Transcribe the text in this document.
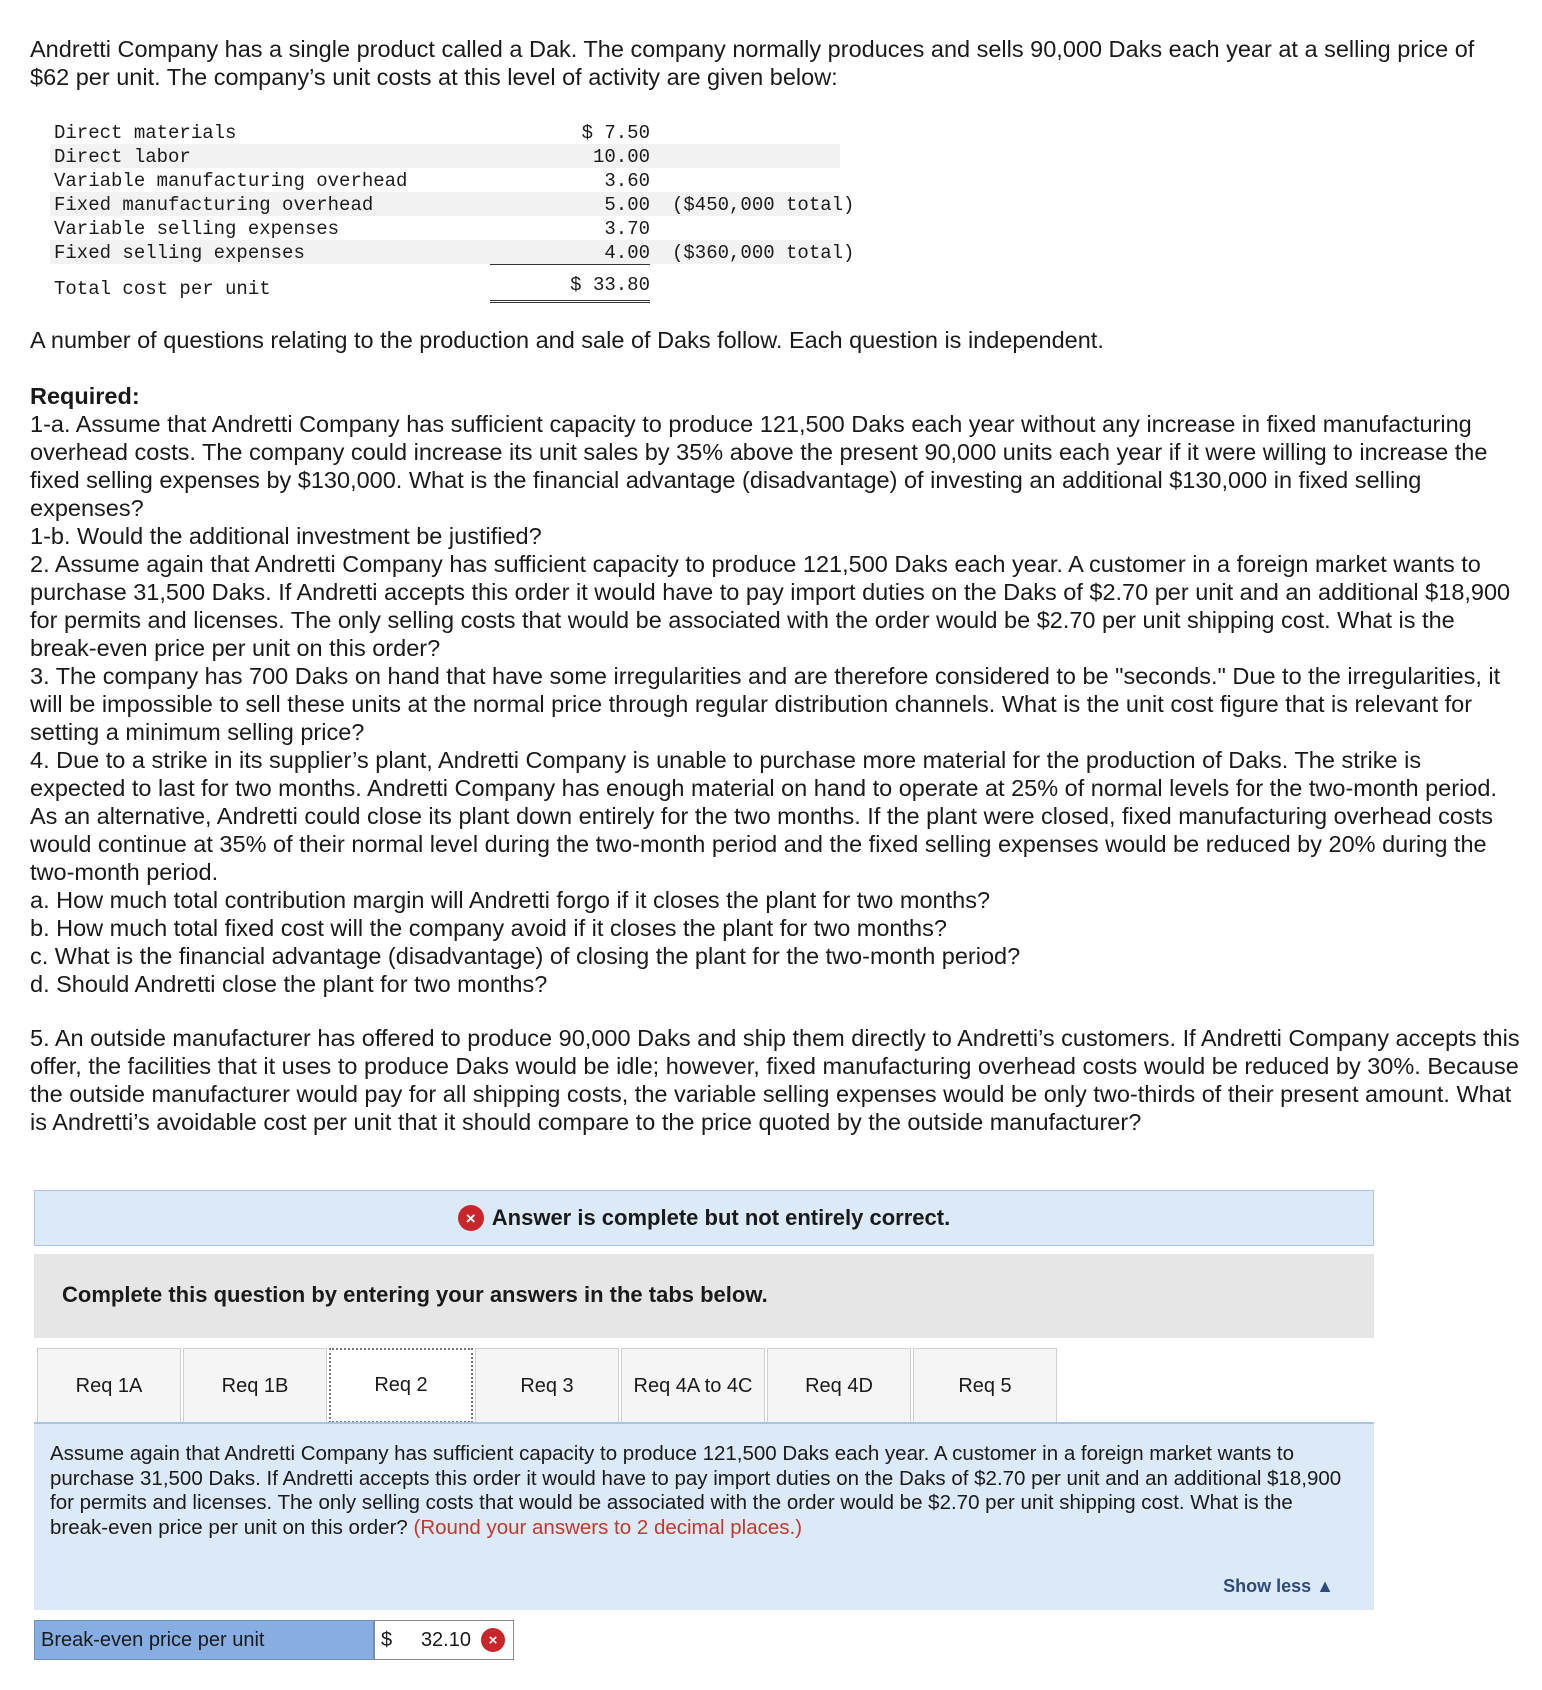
Andretti Company has a single product called a Dak. The company normally produces and sells 90,000 Daks each year at a selling price of $62 per unit. The company’s unit costs at this level of activity are given below:

Direct materials	$ 7.50
Direct labor	10.00
Variable manufacturing overhead	3.60
Fixed manufacturing overhead	5.00 ($450,000 total)
Variable selling expenses	3.70
Fixed selling expenses	4.00 ($360,000 total)
Total cost per unit	$ 33.80

A number of questions relating to the production and sale of Daks follow. Each question is independent.

Required:
1-a. Assume that Andretti Company has sufficient capacity to produce 121,500 Daks each year without any increase in fixed manufacturing overhead costs. The company could increase its unit sales by 35% above the present 90,000 units each year if it were willing to increase the fixed selling expenses by $130,000. What is the financial advantage (disadvantage) of investing an additional $130,000 in fixed selling expenses?
1-b. Would the additional investment be justified?
2. Assume again that Andretti Company has sufficient capacity to produce 121,500 Daks each year. A customer in a foreign market wants to purchase 31,500 Daks. If Andretti accepts this order it would have to pay import duties on the Daks of $2.70 per unit and an additional $18,900 for permits and licenses. The only selling costs that would be associated with the order would be $2.70 per unit shipping cost. What is the break-even price per unit on this order?
3. The company has 700 Daks on hand that have some irregularities and are therefore considered to be "seconds." Due to the irregularities, it will be impossible to sell these units at the normal price through regular distribution channels. What is the unit cost figure that is relevant for setting a minimum selling price?
4. Due to a strike in its supplier’s plant, Andretti Company is unable to purchase more material for the production of Daks. The strike is expected to last for two months. Andretti Company has enough material on hand to operate at 25% of normal levels for the two-month period. As an alternative, Andretti could close its plant down entirely for the two months. If the plant were closed, fixed manufacturing overhead costs would continue at 35% of their normal level during the two-month period and the fixed selling expenses would be reduced by 20% during the two-month period.
a. How much total contribution margin will Andretti forgo if it closes the plant for two months?
b. How much total fixed cost will the company avoid if it closes the plant for two months?
c. What is the financial advantage (disadvantage) of closing the plant for the two-month period?
d. Should Andretti close the plant for two months?

5. An outside manufacturer has offered to produce 90,000 Daks and ship them directly to Andretti’s customers. If Andretti Company accepts this offer, the facilities that it uses to produce Daks would be idle; however, fixed manufacturing overhead costs would be reduced by 30%. Because the outside manufacturer would pay for all shipping costs, the variable selling expenses would be only two-thirds of their present amount. What is Andretti’s avoidable cost per unit that it should compare to the price quoted by the outside manufacturer?

× Answer is complete but not entirely correct.
Complete this question by entering your answers in the tabs below.
Req 1A	Req 1B	Req 2	Req 3	Req 4A to 4C	Req 4D	Req 5
Assume again that Andretti Company has sufficient capacity to produce 121,500 Daks each year. A customer in a foreign market wants to purchase 31,500 Daks. If Andretti accepts this order it would have to pay import duties on the Daks of $2.70 per unit and an additional $18,900 for permits and licenses. The only selling costs that would be associated with the order would be $2.70 per unit shipping cost. What is the break-even price per unit on this order? (Round your answers to 2 decimal places.)
Show less ▲
Break-even price per unit	$ 32.10	×
